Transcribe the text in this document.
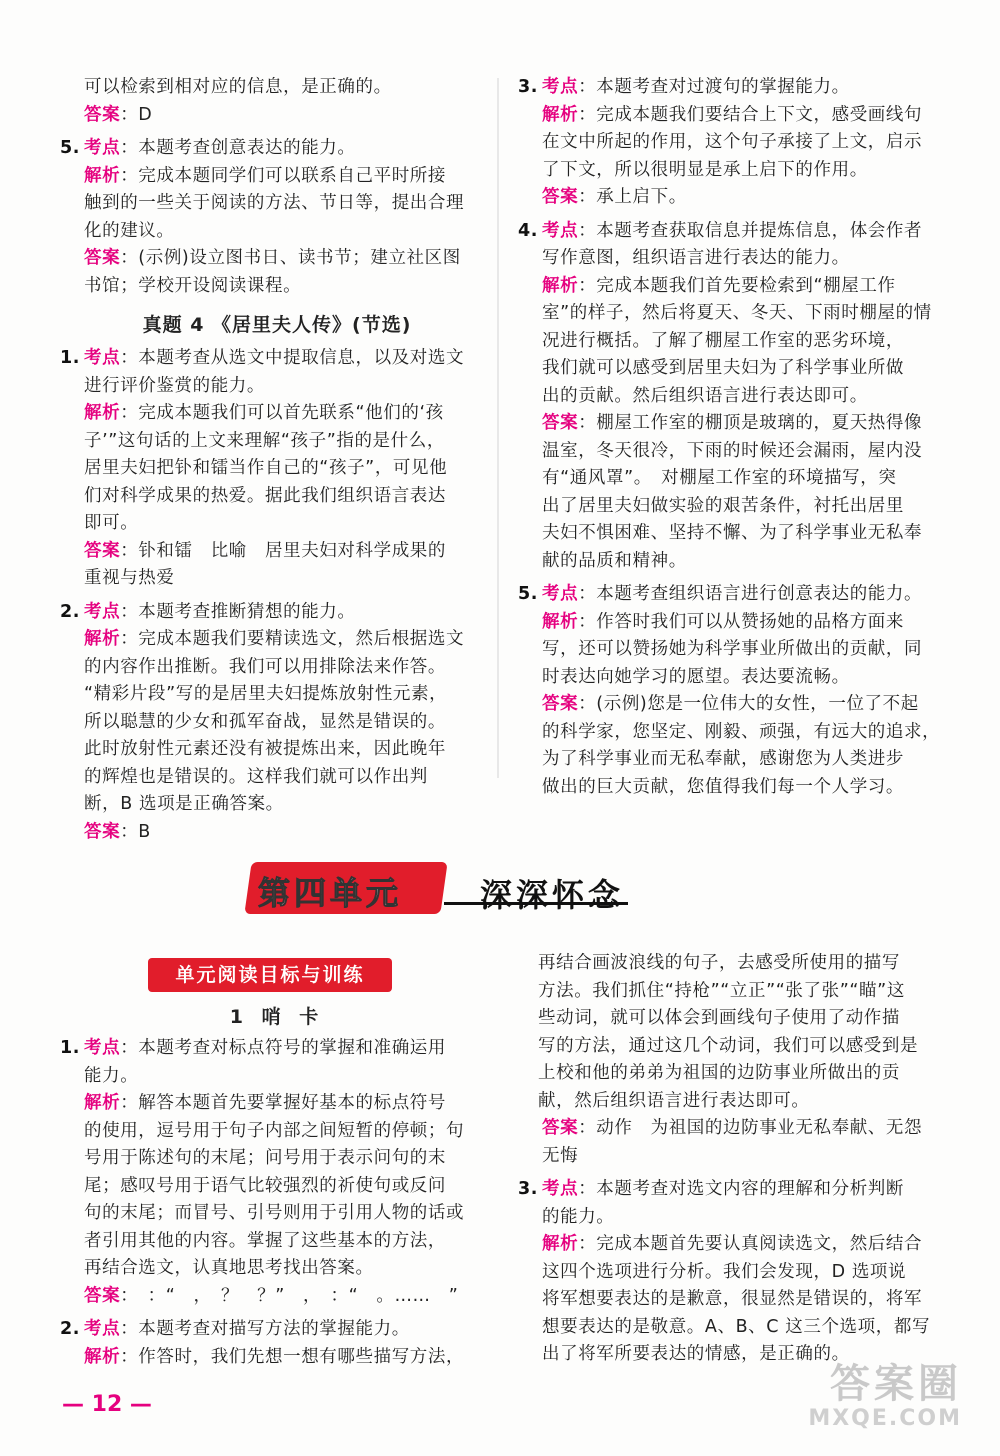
可以检索到相对应的信息，是正确的。
答案：D
5. 考点：本题考查创意表达的能力。
解析：完成本题同学们可以联系自己平时所接
触到的一些关于阅读的方法、节日等，提出合理
化的建议。
答案：(示例)设立图书日、读书节；建立社区图
书馆；学校开设阅读课程。
真题 4 《居里夫人传》(节选)
1. 考点：本题考查从选文中提取信息，以及对选文
进行评价鉴赏的能力。
解析：完成本题我们可以首先联系“他们的‘孩
子’”这句话的上文来理解“孩子”指的是什么，
居里夫妇把钋和镭当作自己的“孩子”，可见他
们对科学成果的热爱。据此我们组织语言表达
即可。
答案：钋和镭　比喻　居里夫妇对科学成果的
重视与热爱
2. 考点：本题考查推断猜想的能力。
解析：完成本题我们要精读选文，然后根据选文
的内容作出推断。我们可以用排除法来作答。
“精彩片段”写的是居里夫妇提炼放射性元素，
所以聪慧的少女和孤军奋战，显然是错误的。
此时放射性元素还没有被提炼出来，因此晚年
的辉煌也是错误的。这样我们就可以作出判
断，B 选项是正确答案。
答案：B
3. 考点：本题考查对过渡句的掌握能力。
解析：完成本题我们要结合上下文，感受画线句
在文中所起的作用，这个句子承接了上文，启示
了下文，所以很明显是承上启下的作用。
答案：承上启下。
4. 考点：本题考查获取信息并提炼信息，体会作者
写作意图，组织语言进行表达的能力。
解析：完成本题我们首先要检索到“棚屋工作
室”的样子，然后将夏天、冬天、下雨时棚屋的情
况进行概括。了解了棚屋工作室的恶劣环境，
我们就可以感受到居里夫妇为了科学事业所做
出的贡献。然后组织语言进行表达即可。
答案：棚屋工作室的棚顶是玻璃的，夏天热得像
温室，冬天很冷，下雨的时候还会漏雨，屋内没
有“通风罩”。　对棚屋工作室的环境描写，突
出了居里夫妇做实验的艰苦条件，衬托出居里
夫妇不惧困难、坚持不懈、为了科学事业无私奉
献的品质和精神。
5. 考点：本题考查组织语言进行创意表达的能力。
解析：作答时我们可以从赞扬她的品格方面来
写，还可以赞扬她为科学事业所做出的贡献，同
时表达向她学习的愿望。表达要流畅。
答案：(示例)您是一位伟大的女性，一位了不起
的科学家，您坚定、刚毅、顽强，有远大的追求，
为了科学事业而无私奉献，感谢您为人类进步
做出的巨大贡献，您值得我们每一个人学习。
第四单元 深深怀念
单元阅读目标与训练
1 哨 卡
1. 考点：本题考查对标点符号的掌握和准确运用
能力。
解析：解答本题首先要掌握好基本的标点符号
的使用，逗号用于句子内部之间短暂的停顿；句
号用于陈述句的末尾；问号用于表示问句的末
尾；感叹号用于语气比较强烈的祈使句或反问
句的末尾；而冒号、引号则用于引用人物的话或
者引用其他的内容。掌握了这些基本的方法，
再结合选文，认真地思考找出答案。
答案：　：“　，　？　？”　，　：“　。……　”
2. 考点：本题考查对描写方法的掌握能力。
解析：作答时，我们先想一想有哪些描写方法，
再结合画波浪线的句子，去感受所使用的描写
方法。我们抓住“持枪”“立正”“张了张”“瞄”这
些动词，就可以体会到画线句子使用了动作描
写的方法，通过这几个动词，我们可以感受到是
上校和他的弟弟为祖国的边防事业所做出的贡
献，然后组织语言进行表达即可。
答案：动作　为祖国的边防事业无私奉献、无怨
无悔
3. 考点：本题考查对选文内容的理解和分析判断
的能力。
解析：完成本题首先要认真阅读选文，然后结合
这四个选项进行分析。我们会发现，D 选项说
将军想要表达的是歉意，很显然是错误的，将军
想要表达的是敬意。A、B、C 这三个选项，都写
出了将军所要表达的情感，是正确的。
— 12 —	答案圈
MXQE.COM
